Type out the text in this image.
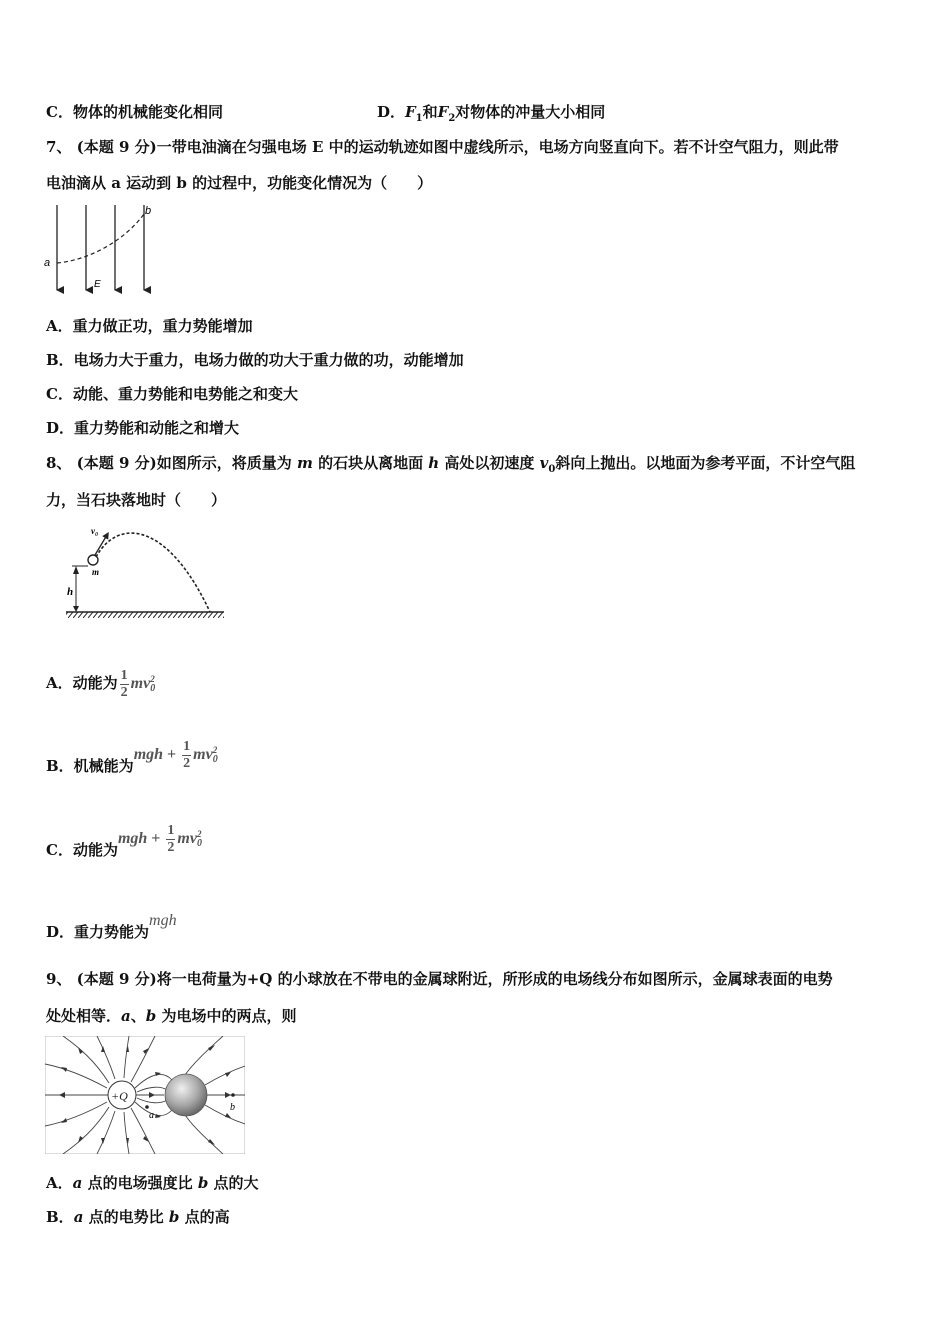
C．物体的机械能变化相同	D．$F_1$和$F_2$对物体的冲量大小相同
7、 (本题 9 分)一带电油滴在匀强电场 E 中的运动轨迹如图中虚线所示，电场方向竖直向下。若不计空气阻力，则此带
电油滴从 a 运动到 b 的过程中，功能变化情况为（　　）
a
b
E
A．重力做正功，重力势能增加
B．电场力大于重力，电场力做的功大于重力做的功，动能增加
C．动能、重力势能和电势能之和变大
D．重力势能和动能之和增大
8、 (本题 9 分)如图所示，将质量为 m 的石块从离地面 h 高处以初速度 $v_0$斜向上抛出。以地面为参考平面，不计空气阻
力，当石块落地时（　　）
h
v₀
m
A．动能为 $\frac{1}{2}$ mv 2
0
B．机械能为mgh + $\frac{1}{2}$ mv 2
0
C．动能为mgh + $\frac{1}{2}$ mv 2
0
D．重力势能为mgh
9、 (本题 9 分)将一电荷量为+Q 的小球放在不带电的金属球附近，所形成的电场线分布如图所示，金属球表面的电势
处处相等．a、b 为电场中的两点，则
+Q
a
b
A．a 点的电场强度比 b 点的大
B．a 点的电势比 b 点的高
